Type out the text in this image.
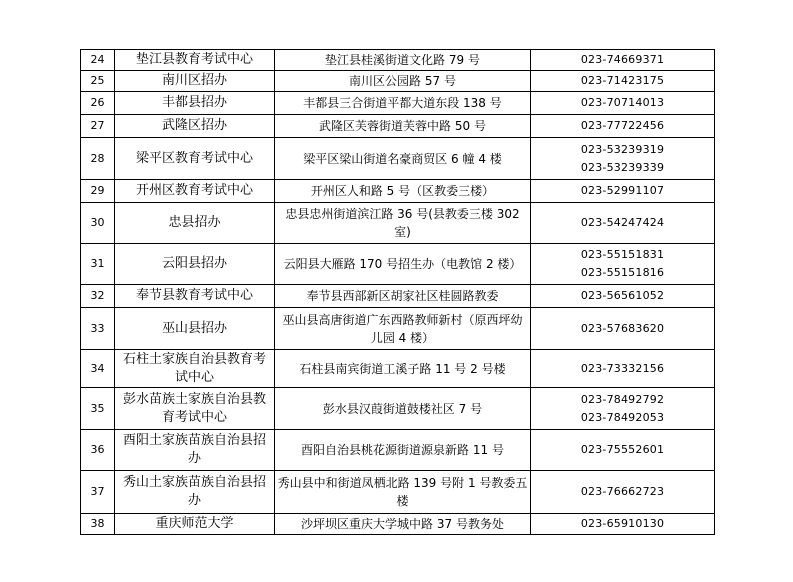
24	垫江县教育考试中心	垫江县桂溪街道文化路 79 号	023-74669371

25	南川区招办	南川区公园路 57 号	023-71423175

26	丰都县招办	丰都县三合街道平都大道东段 138 号	023-70714013

27	武隆区招办	武隆区芙蓉街道芙蓉中路 50 号	023-77722456

28	梁平区教育考试中心	梁平区梁山街道名豪商贸区 6 幢 4 楼	023-53239319
023-53239339

29	开州区教育考试中心	开州区人和路 5 号（区教委三楼）	023-52991107

30	忠县招办	忠县忠州街道滨江路 36 号(县教委三楼 302 室)	023-54247424

31	云阳县招办	云阳县大雁路 170 号招生办（电教馆 2 楼）	023-55151831
023-55151816

32	奉节县教育考试中心	奉节县西部新区胡家社区桂圆路教委	023-56561052

33	巫山县招办	巫山县高唐街道广东西路教师新村（原西坪幼儿园 4 楼）	023-57683620

34	石柱土家族自治县教育考试中心	石柱县南宾街道工溪子路 11 号 2 号楼	023-73332156

35	彭水苗族土家族自治县教育考试中心	彭水县汉葭街道鼓楼社区 7 号	023-78492792
023-78492053

36	酉阳土家族苗族自治县招办	酉阳自治县桃花源街道源泉新路 11 号	023-75552601

37	秀山土家族苗族自治县招办	秀山县中和街道凤栖北路 139 号附 1 号教委五楼	023-76662723

38	重庆师范大学	沙坪坝区重庆大学城中路 37 号教务处	023-65910130
